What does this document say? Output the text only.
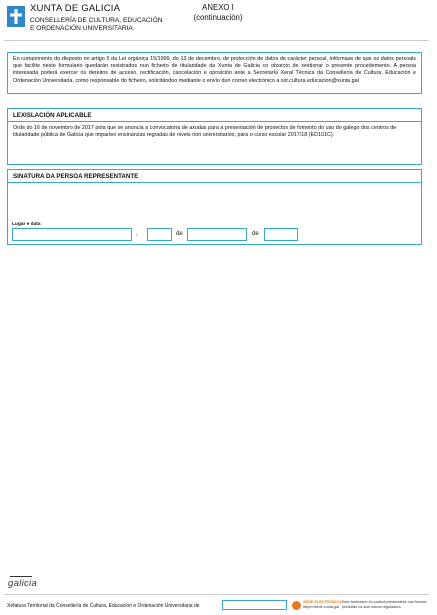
XUNTA DE GALICIA
CONSELLERÍA DE CULTURA, EDUCACIÓN
E ORDENACIÓN UNIVERSITARIA
ANEXO I
(continuación)

En cumprimento do disposto no artigo 5 da Lei orgánica 15/1999, do 13 de decembro, de protección de datos de carácter persoal, infórmase de que os datos persoais que facilite neste formulario quedarán rexistrados nun ficheiro de titularidade da Xunta de Galicia co obxecto de xestionar o presente procedemento. A persoa interesada poderá exercer os dereitos de acceso, rectificación, cancelación e oposición ante a Secretaría Xeral Técnica da Consellería de Cultura, Educación e Ordenación Universitaria, como responsable do ficheiro, solicitándoo mediante o envío dun correo electrónico a sxt.cultura.educacion@xunta.gal

LEXISLACIÓN APLICABLE
Orde do 16 de novembro de 2017 pola que se anuncia a convocatoria de axudas para a presentación de proxectos de fomento do uso do galego dos centros de titularidade pública de Galicia que imparten ensinanzas regradas de niveis non universitarios, para o curso escolar 2017/18 (ED101C).
SINATURA DA PERSOA REPRESENTANTE
Lugar e data
,	de	de
galicia
Xefatura Territorial da Consellería de Cultura, Educación e Ordenación Universitaria de
SEDE ELECTRÓNICA
https://sede.xunta.gal
Este formulario só poderá presentarse nas formas previstas na súa norma reguladora
